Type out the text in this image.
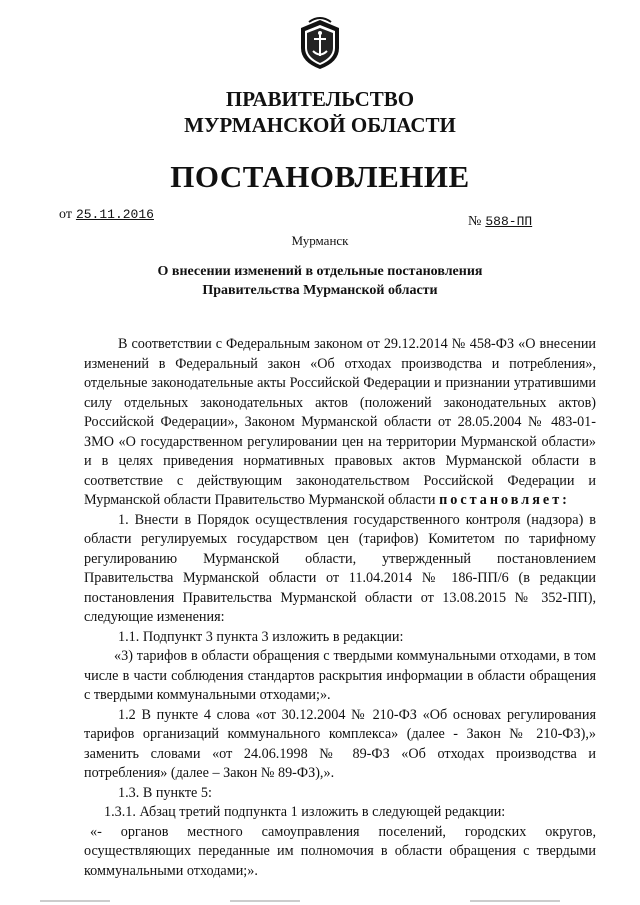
ПРАВИТЕЛЬСТВО
МУРМАНСКОЙ ОБЛАСТИ
ПОСТАНОВЛЕНИЕ
от 25.11.2016	№ 588-ПП
Мурманск
О внесении изменений в отдельные постановления
Правительства Мурманской области

В соответствии с Федеральным законом от 29.12.2014 № 458-ФЗ «О внесении изменений в Федеральный закон «Об отходах производства и потребления», отдельные законодательные акты Российской Федерации и признании утратившими силу отдельных законодательных актов (положений законодательных актов) Российской Федерации», Законом Мурманской области от 28.05.2004 № 483-01-ЗМО «О государственном регулировании цен на территории Мурманской области» и в целях приведения нормативных правовых актов Мурманской области в соответствие с действующим законодательством Российской Федерации и Мурманской области Правительство Мурманской области постановляет:

1. Внести в Порядок осуществления государственного контроля (надзора) в области регулируемых государством цен (тарифов) Комитетом по тарифному регулированию Мурманской области, утвержденный постановлением Правительства Мурманской области от 11.04.2014 № 186-ПП/6 (в редакции постановления Правительства Мурманской области от 13.08.2015 № 352-ПП), следующие изменения:

1.1. Подпункт 3 пункта 3 изложить в редакции:

«3) тарифов в области обращения с твердыми коммунальными отходами, в том числе в части соблюдения стандартов раскрытия информации в области обращения с твердыми коммунальными отходами;».

1.2 В пункте 4 слова «от 30.12.2004 № 210-ФЗ «Об основах регулирования тарифов организаций коммунального комплекса» (далее - Закон № 210-ФЗ),» заменить словами «от 24.06.1998 № 89-ФЗ «Об отходах производства и потребления» (далее – Закон № 89-ФЗ),».

1.3. В пункте 5:

1.3.1. Абзац третий подпункта 1 изложить в следующей редакции:

«- органов местного самоуправления поселений, городских округов, осуществляющих переданные им полномочия в области обращения с твердыми коммунальными отходами;».
